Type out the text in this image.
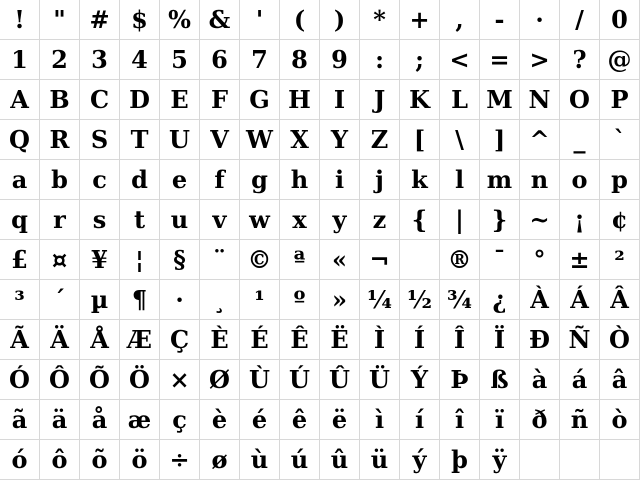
! " # $ % & ' ( ) * + , - · / 0
1 2 3 4 5 6 7 8 9 : ; < = > ? @
A B C D E F G H I J K L M N O P
Q R S T U V W X Y Z [ \ ] ^ _ `
a b c d e f g h i j k l m n o p
q r s t u v w x y z { | } ~ ¡ ¢
£ ¤ ¥ ¦ § ¨ © ª « ¬ ® ¯ ° ± ²
³ ´ µ ¶ · ¸ ¹ º » ¼ ½ ¾ ¿ À Á Â
Ã Ä Å Æ Ç È É Ê Ë Ì Í Î Ï Ð Ñ Ò
Ó Ô Õ Ö × Ø Ù Ú Û Ü Ý Þ ß à á â
ã ä å æ ç è é ê ë ì í î ï ð ñ ò
ó ô õ ö ÷ ø ù ú û ü ý þ ÿ
